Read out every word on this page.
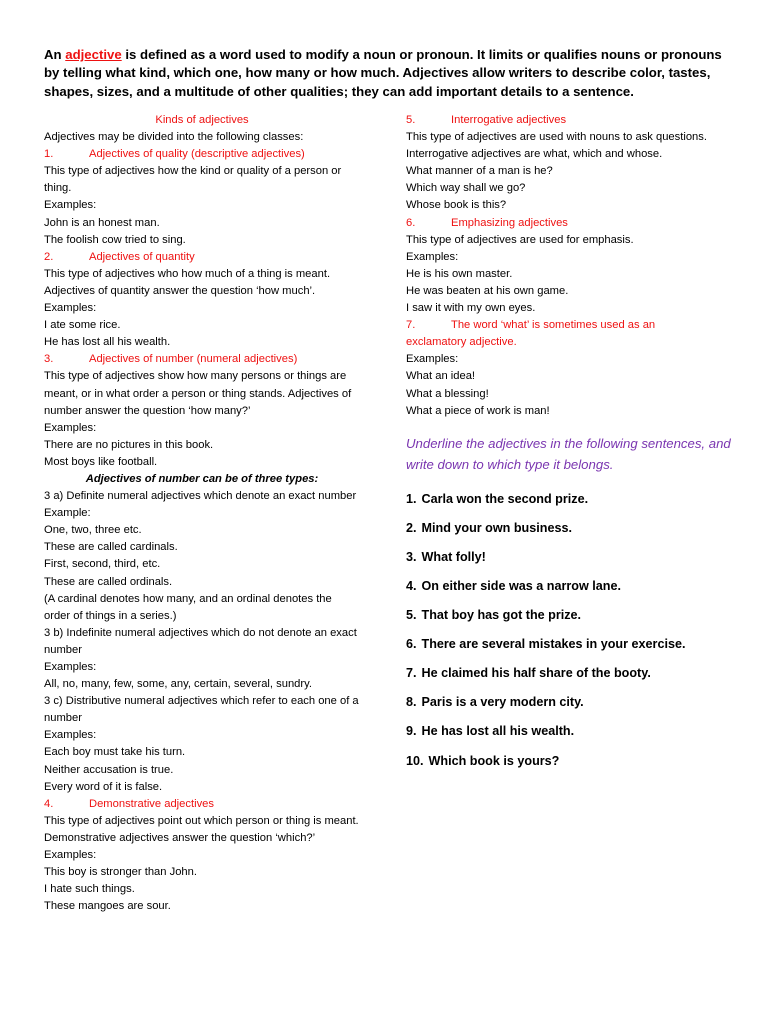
An adjective is defined as a word used to modify a noun or pronoun. It limits or qualifies nouns or pronouns by telling what kind, which one, how many or how much. Adjectives allow writers to describe color, tastes, shapes, sizes, and a multitude of other qualities; they can add important details to a sentence.

Kinds of adjectives

Adjectives may be divided into the following classes:

1.	Adjectives of quality (descriptive adjectives)

This type of adjectives how the kind or quality of a person or thing.

Examples:

John is an honest man.

The foolish cow tried to sing.

2.	Adjectives of quantity

This type of adjectives who how much of a thing is meant.

Adjectives of quantity answer the question ‘how much’.

Examples:

I ate some rice.

He has lost all his wealth.

3.	Adjectives of number (numeral adjectives)

This type of adjectives show how many persons or things are meant, or in what order a person or thing stands. Adjectives of number answer the question ‘how many?’

Examples:

There are no pictures in this book.

Most boys like football.

Adjectives of number can be of three types:

3 a) Definite numeral adjectives which denote an exact number

Example:

One, two, three etc.

These are called cardinals.

First, second, third, etc.

These are called ordinals.

(A cardinal denotes how many, and an ordinal denotes the order of things in a series.)

3 b) Indefinite numeral adjectives which do not denote an exact number

Examples:

All, no, many, few, some, any, certain, several, sundry.

3 c) Distributive numeral adjectives which refer to each one of a number

Examples:

Each boy must take his turn.

Neither accusation is true.

Every word of it is false.

4.	Demonstrative adjectives

This type of adjectives point out which person or thing is meant. Demonstrative adjectives answer the question ‘which?’

Examples:

This boy is stronger than John.

I hate such things.

These mangoes are sour.

5.	Interrogative adjectives

This type of adjectives are used with nouns to ask questions.

Interrogative adjectives are what, which and whose.

What manner of a man is he?

Which way shall we go?

Whose book is this?

6.	Emphasizing adjectives

This type of adjectives are used for emphasis.

Examples:

He is his own master.

He was beaten at his own game.

I saw it with my own eyes.

7.	The word ‘what’ is sometimes used as an

exclamatory adjective.

Examples:

What an idea!

What a blessing!

What a piece of work is man!

Underline the adjectives in the following sentences, and write down to which type it belongs.

1. Carla won the second prize.
2. Mind your own business.
3. What folly!
4. On either side was a narrow lane.
5. That boy has got the prize.
6. There are several mistakes in your exercise.
7. He claimed his half share of the booty.
8. Paris is a very modern city.
9. He has lost all his wealth.
10. Which book is yours?
